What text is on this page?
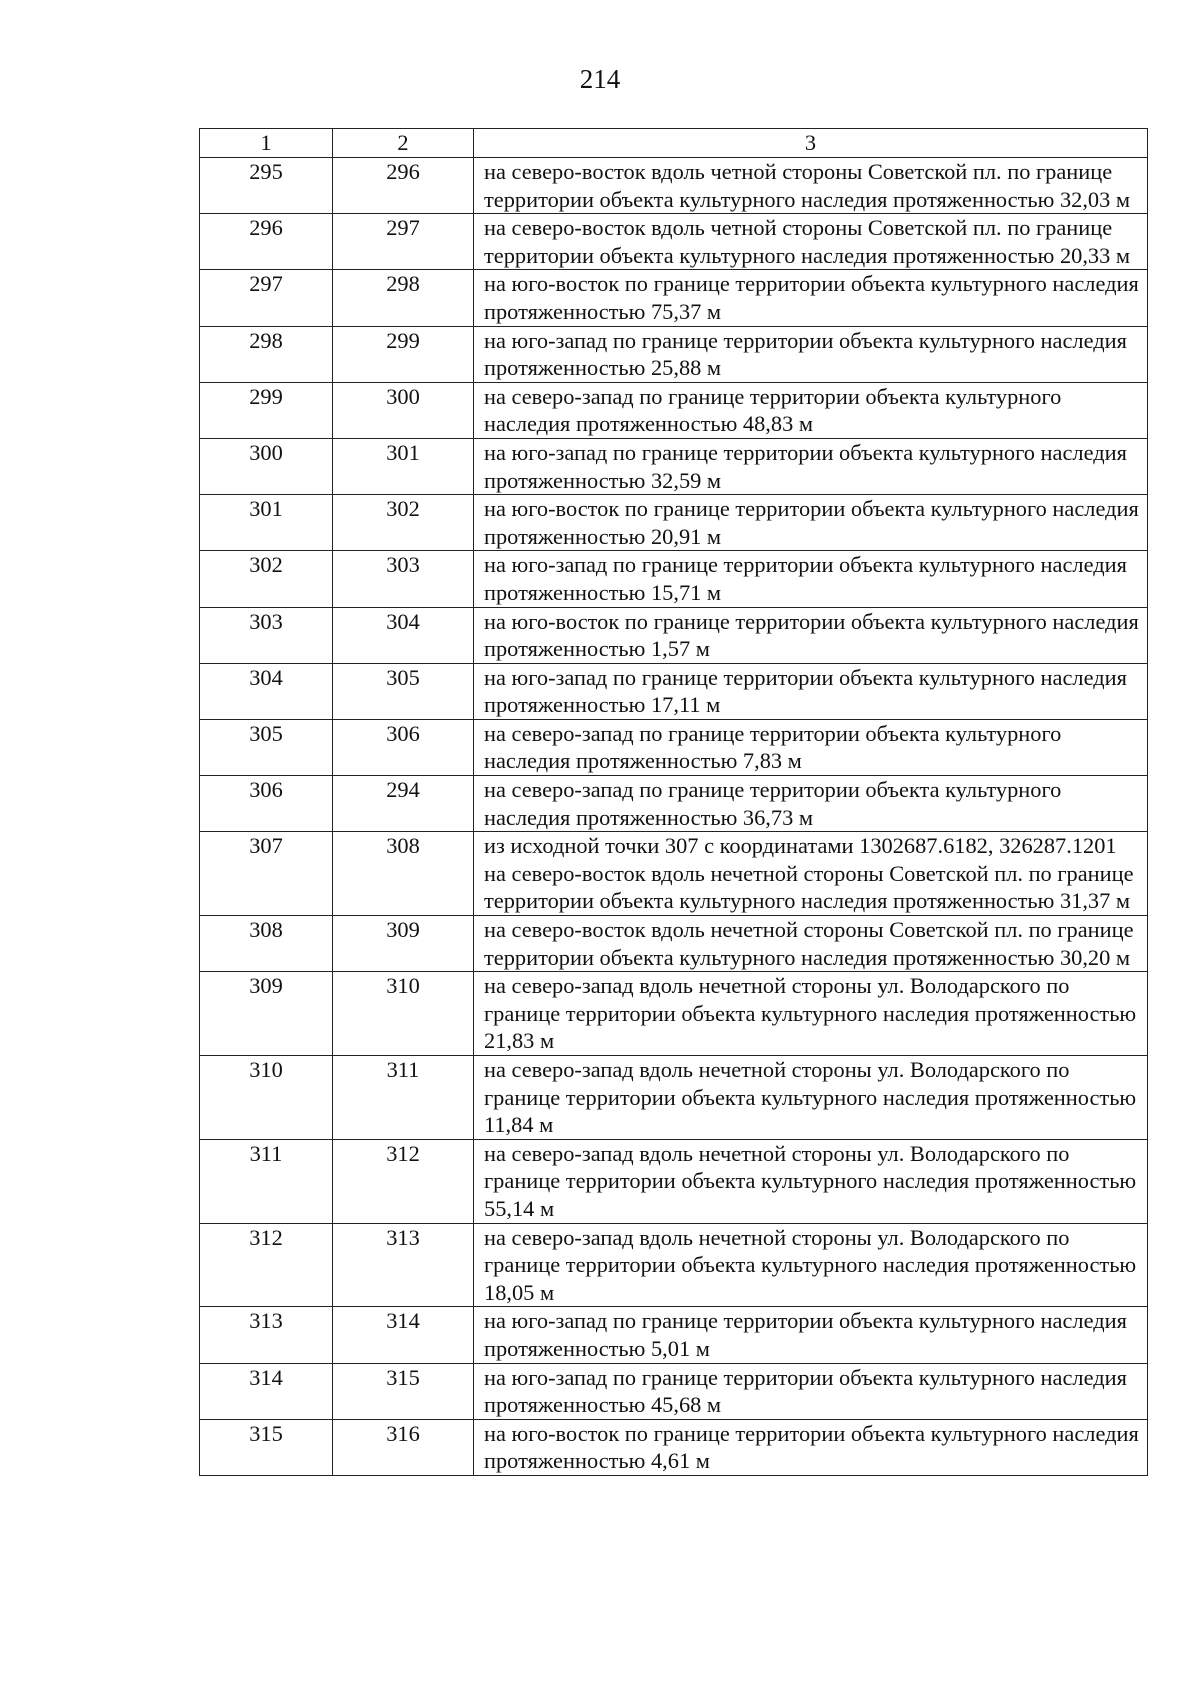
214
1	2	3
295	296	на северо-восток вдоль четной стороны Советской пл. по границе территории объекта культурного наследия протяженностью 32,03 м
296	297	на северо-восток вдоль четной стороны Советской пл. по границе территории объекта культурного наследия протяженностью 20,33 м
297	298	на юго-восток по границе территории объекта культурного наследия протяженностью 75,37 м
298	299	на юго-запад по границе территории объекта культурного наследия протяженностью 25,88 м
299	300	на северо-запад по границе территории объекта культурного наследия протяженностью 48,83 м
300	301	на юго-запад по границе территории объекта культурного наследия протяженностью 32,59 м
301	302	на юго-восток по границе территории объекта культурного наследия протяженностью 20,91 м
302	303	на юго-запад по границе территории объекта культурного наследия протяженностью 15,71 м
303	304	на юго-восток по границе территории объекта культурного наследия протяженностью 1,57 м
304	305	на юго-запад по границе территории объекта культурного наследия протяженностью 17,11 м
305	306	на северо-запад по границе территории объекта культурного наследия протяженностью 7,83 м
306	294	на северо-запад по границе территории объекта культурного наследия протяженностью 36,73 м
307	308	из исходной точки 307 с координатами 1302687.6182, 326287.1201 на северо-восток вдоль нечетной стороны Советской пл. по границе территории объекта культурного наследия протяженностью 31,37 м
308	309	на северо-восток вдоль нечетной стороны Советской пл. по границе территории объекта культурного наследия протяженностью 30,20 м
309	310	на северо-запад вдоль нечетной стороны ул. Володарского по границе территории объекта культурного наследия протяженностью 21,83 м
310	311	на северо-запад вдоль нечетной стороны ул. Володарского по границе территории объекта культурного наследия протяженностью 11,84 м
311	312	на северо-запад вдоль нечетной стороны ул. Володарского по границе территории объекта культурного наследия протяженностью 55,14 м
312	313	на северо-запад вдоль нечетной стороны ул. Володарского по границе территории объекта культурного наследия протяженностью 18,05 м
313	314	на юго-запад по границе территории объекта культурного наследия протяженностью 5,01 м
314	315	на юго-запад по границе территории объекта культурного наследия протяженностью 45,68 м
315	316	на юго-восток по границе территории объекта культурного наследия протяженностью 4,61 м
